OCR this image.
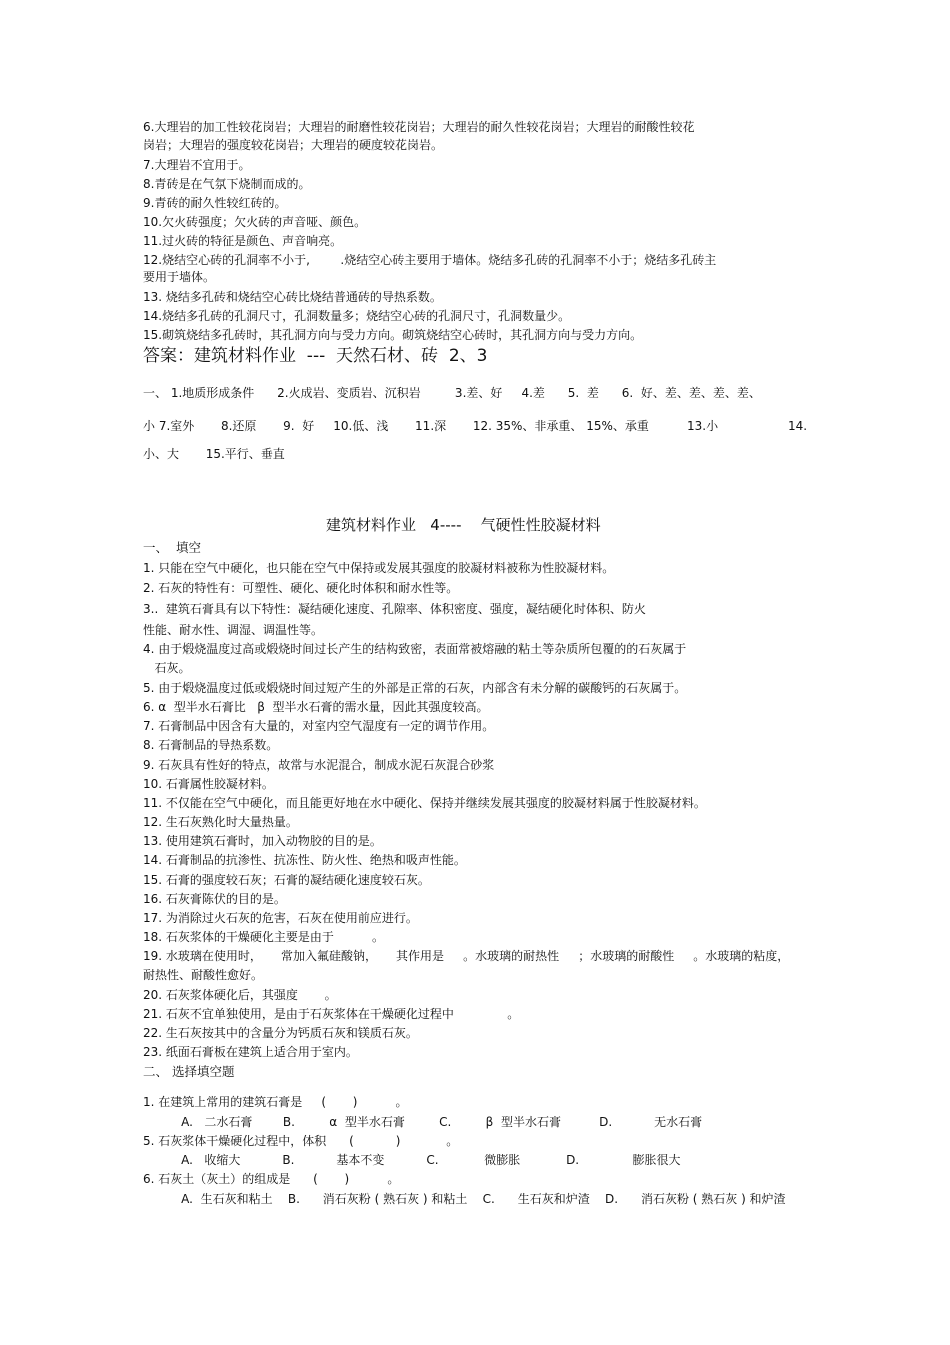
6.大理岩的加工性较花岗岩；大理岩的耐磨性较花岗岩；大理岩的耐久性较花岗岩；大理岩的耐酸性较花
岗岩；大理岩的强度较花岗岩；大理岩的硬度较花岗岩。
7.大理岩不宜用于。
8.青砖是在气氛下烧制而成的。
9.青砖的耐久性较红砖的。
10.欠火砖强度；欠火砖的声音哑、颜色。
11.过火砖的特征是颜色、声音响亮。
12.烧结空心砖的孔洞率不小于,        .烧结空心砖主要用于墙体。烧结多孔砖的孔洞率不小于；烧结多孔砖主
要用于墙体。
13. 烧结多孔砖和烧结空心砖比烧结普通砖的导热系数。
14.烧结多孔砖的孔洞尺寸，孔洞数量多；烧结空心砖的孔洞尺寸，孔洞数量少。
15.砌筑烧结多孔砖时，其孔洞方向与受力方向。砌筑烧结空心砖时，其孔洞方向与受力方向。
答案：建筑材料作业  ---  天然石材、砖  2、3
一、 1.地质形成条件      2.火成岩、变质岩、沉积岩         3.差、好     4.差      5.  差      6.  好、差、差、差、差、
小 7.室外       8.还原       9.  好     10.低、浅       11.深       12. 35%、非承重、 15%、承重          13.小	14.
小、大       15.平行、垂直
建筑材料作业   4----    气硬性性胶凝材料
一、  填空
1. 只能在空气中硬化，也只能在空气中保持或发展其强度的胶凝材料被称为性胶凝材料。
2. 石灰的特性有：可塑性、硬化、硬化时体积和耐水性等。
3..  建筑石膏具有以下特性：凝结硬化速度、孔隙率、体积密度、强度，凝结硬化时体积、防火
性能、耐水性、调湿、调温性等。
4. 由于煅烧温度过高或煅烧时间过长产生的结构致密，表面常被熔融的粘土等杂质所包覆的的石灰属于
石灰。
5. 由于煅烧温度过低或煅烧时间过短产生的外部是正常的石灰，内部含有未分解的碳酸钙的石灰属于。
6. α  型半水石膏比   β  型半水石膏的需水量，因此其强度较高。
7. 石膏制品中因含有大量的，对室内空气湿度有一定的调节作用。
8. 石膏制品的导热系数。
9. 石灰具有性好的特点，故常与水泥混合，制成水泥石灰混合砂浆
10. 石膏属性胶凝材料。
11. 不仅能在空气中硬化，而且能更好地在水中硬化、保持并继续发展其强度的胶凝材料属于性胶凝材料。
12. 生石灰熟化时大量热量。
13. 使用建筑石膏时，加入动物胶的目的是。
14. 石膏制品的抗渗性、抗冻性、防火性、绝热和吸声性能。
15. 石膏的强度较石灰；石膏的凝结硬化速度较石灰。
16. 石灰膏陈伏的目的是。
17. 为消除过火石灰的危害，石灰在使用前应进行。
18. 石灰浆体的干燥硬化主要是由于          。
19. 水玻璃在使用时，     常加入氟硅酸钠，     其作用是     。水玻璃的耐热性     ；水玻璃的耐酸性     。水玻璃的粘度，
耐热性、耐酸性愈好。
20. 石灰浆体硬化后，其强度       。
21. 石灰不宜单独使用，是由于石灰浆体在干燥硬化过程中              。
22. 生石灰按其中的含量分为钙质石灰和镁质石灰。
23. 纸面石膏板在建筑上适合用于室内。
二、 选择填空题
1. 在建筑上常用的建筑石膏是     (       )          。
A.   二水石膏        B.         α  型半水石膏         C.         β  型半水石膏          D.           无水石膏
5. 石灰浆体干燥硬化过程中，体积      (           )            。
A.   收缩大           B.           基本不变           C.            微膨胀            D.              膨胀很大
6. 石灰土（灰土）的组成是      (       )          。
A.  生石灰和粘土    B.      消石灰粉 ( 熟石灰 ) 和粘土    C.      生石灰和炉渣    D.      消石灰粉 ( 熟石灰 ) 和炉渣
